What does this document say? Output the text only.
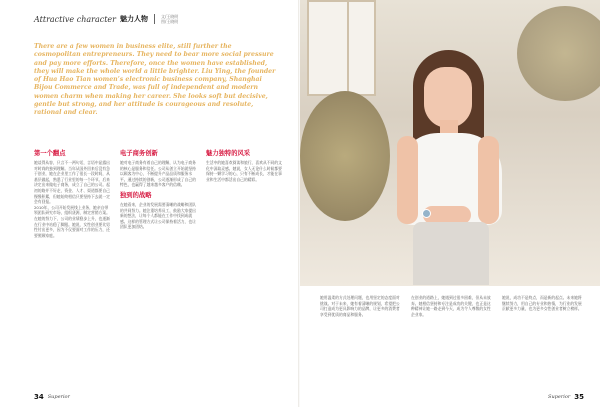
Attractive character 魅力人物	文/王晓明
图/王晓明

There are a few women in business elite, still further the cosmopolitan entrepreneurs. They need to bear more social pressure and pay more efforts. Therefore, once the women have established, they will make the whole world a little brighter. Liu Ying, the founder of Hua Hao Tian women’s electronic business company, Shanghai Bijou Commerce and Trade, was full of independent and modern women charm when making her career. She looks soft but decisive, gentle but strong, and her attitude is courageous and resolute, rational and clear.

第一个翻点

她谈得从容，只言不一两句话，言语中显露出对时尚的独到理解。当年从国外回来后没有急于创业，她在企业里工作了很长一段时间，从基层做起，熟悉了行业里的每一个环节。后来决定出来做电子商务，成立了自己的公司。起初的路并不好走，资金、人才、渠道都要自己慢慢积累，但她始终相信只要坚持下去就一定会有回报。

2010年，公司开始发展线上业务，她亲自带领团队研究市场，组织货源，制定营销方案。在她的努力下，公司的业绩稳步上升，也逐渐在行业中站稳了脚跟。她说，女性创业要比男性付出更多，因为不仅要面对工作的压力，还要照顾家庭。

电子商务创新

她对电子商务有着自己的理解，认为电子商务的核心是服务和信任。公司从创立开始就坚持以顾客为中心，不断提升产品品质和服务水平。通过持续的创新，公司逐渐形成了自己的特色，也赢得了越来越多客户的信赖。

独到的战略

在她看来，企业的发展需要清晰的战略和团队的共同努力。她注重培养员工，鼓励大家提出新的想法，让每个人都能在工作中找到成就感。这样的管理方式让公司保持着活力，也让团队更加团结。

魅力独特的风采

生活中的她喜欢阅读和旅行，喜欢从不同的文化中汲取灵感。她说，女人无论什么时候都要保持一颗学习的心，只有不断成长，才能在事业和生活中都活出自己的精彩。

34 Superior

她用温柔的方式处理问题，也用坚定的态度面对挑战。对于未来，她有着清晰的规划，希望把公司打造成为更具影响力的品牌，让更多的消费者享受到优质的商品和服务。

在创业的道路上，她遇到过很多困难，但从未放弃。她相信坚持和专注是成功的关键，也正是这种精神让她一路走到今天，成为令人尊敬的女性企业家。

她说，成功不是终点，而是新的起点。未来她将继续努力，用自己的专业和热情，为行业的发展贡献更多力量，也为更多女性创业者树立榜样。

Superior 35
